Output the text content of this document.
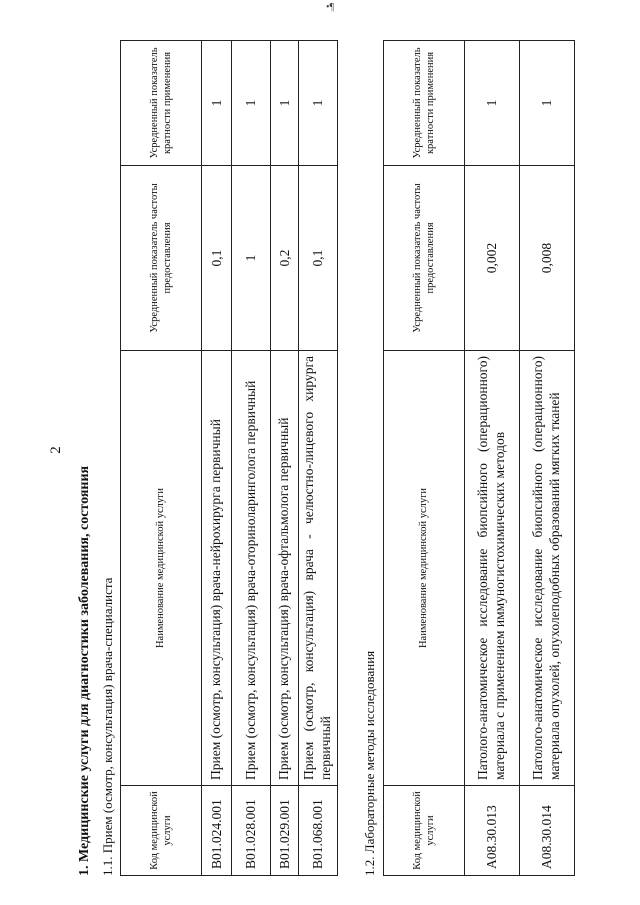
•¶
2
1. Медицинские услуги для диагностики заболевания, состояния 1.1. Прием (осмотр, консультация) врача-специалиста	Код медицинской услуги	Наименование медицинской услуги	Усредненный показатель частоты предоставления	Усредненный показатель кратности применения
B01.024.001	Прием (осмотр, консультация) врача-нейрохирурга первичный	0,1	1
B01.028.001	Прием (осмотр, консультация) врача-оториноларинголога первичный	1	1
B01.029.001	Прием (осмотр, консультация) врача-офтальмолога первичный	0,2	1
B01.068.001	Прием (осмотр, консультация) врача - челюстно-лицевого хирурга первичный	0,1	1
1.2. Лабораторные методы исследования	Код медицинской услуги	Наименование медицинской услуги	Усредненный показатель частоты предоставления	Усредненный показатель кратности применения
A08.30.013	Патолого-анатомическое исследование биопсийного (операционного) материала с применением иммуногистохимических методов	0,002	1
A08.30.014	Патолого-анатомическое исследование биопсийного (операционного) материала опухолей, опухолеподобных образований мягких тканей	0,008	1
